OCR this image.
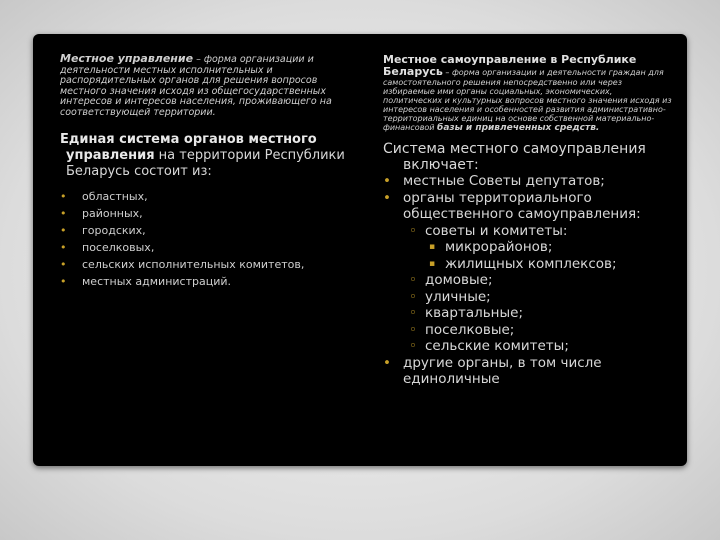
Местное управление – форма организации и деятельности местных исполнительных и распорядительных органов для решения вопросов местного значения исходя из общегосударственных интересов и интересов населения, проживающего на соответствующей территории.

Единая система органов местного управления на территории Республики Беларусь состоит из:

• областных,
• районных,
• городских,
• поселковых,
• сельских исполнительных комитетов,
• местных администраций.

Местное самоуправление в Республике Беларусь – форма организации и деятельности граждан для самостоятельного решения непосредственно или через избираемые ими органы социальных, экономических, политических и культурных вопросов местного значения исходя из интересов населения и особенностей развития административно-территориальных единиц на основе собственной материально-финансовой базы и привлеченных средств.

Система местного самоуправления включает:

• местные Советы депутатов;
• органы территориального общественного самоуправления:
◦ советы и комитеты:
▪ микрорайонов;
▪ жилищных комплексов;
◦ домовые;
◦ уличные;
◦ квартальные;
◦ поселковые;
◦ сельские комитеты;
• другие органы, в том числе единоличные
